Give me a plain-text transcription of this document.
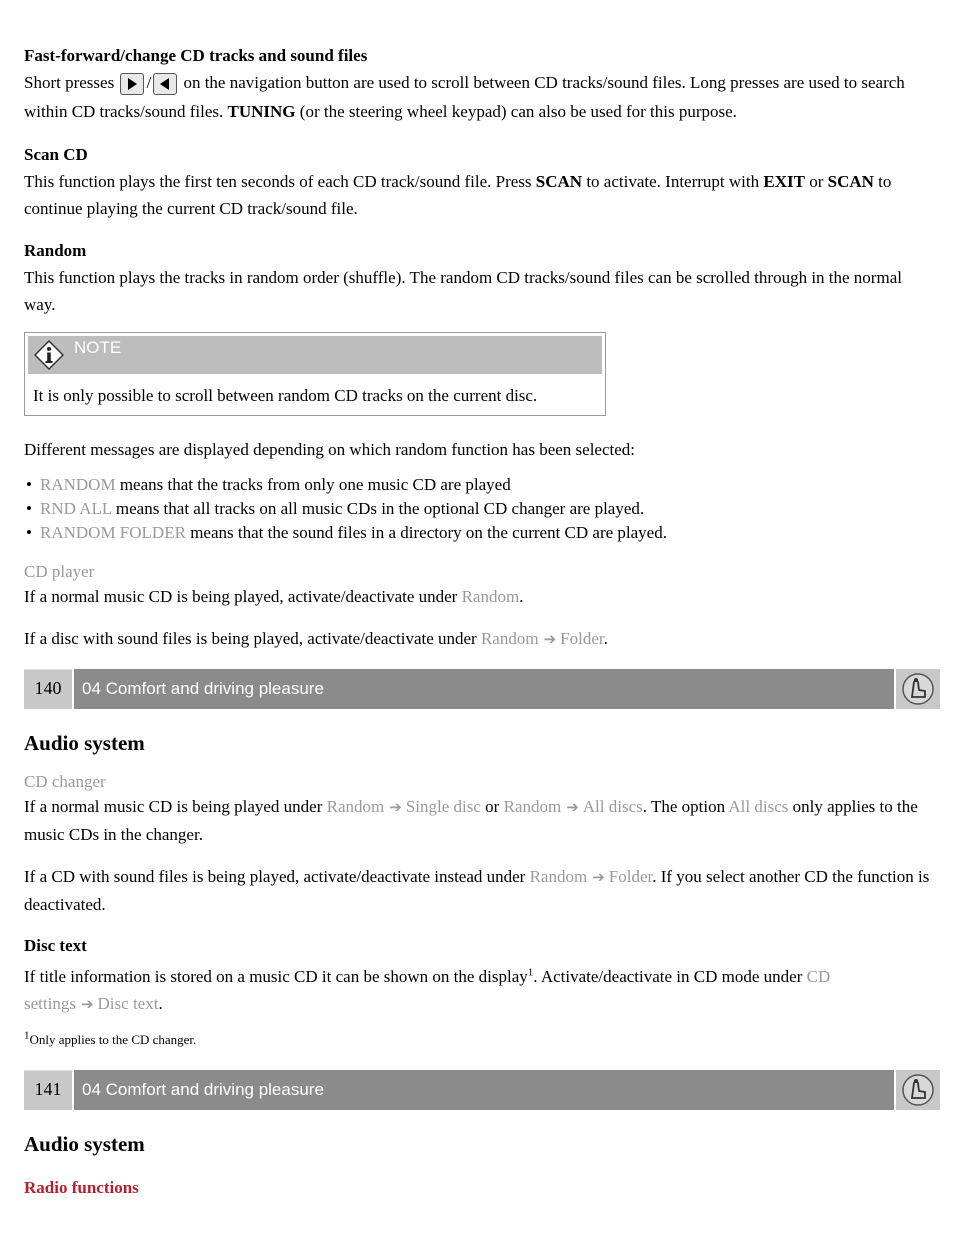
Fast-forward/change CD tracks and sound files

Short presses / on the navigation button are used to scroll between CD tracks/sound files. Long presses are used to search within CD tracks/sound files. TUNING (or the steering wheel keypad) can also be used for this purpose.

Scan CD

This function plays the first ten seconds of each CD track/sound file. Press SCAN to activate. Interrupt with EXIT or SCAN to continue playing the current CD track/sound file.

Random

This function plays the tracks in random order (shuffle). The random CD tracks/sound files can be scrolled through in the normal way.

NOTE
It is only possible to scroll between random CD tracks on the current disc.

Different messages are displayed depending on which random function has been selected:

• RANDOM means that the tracks from only one music CD are played
• RND ALL means that all tracks on all music CDs in the optional CD changer are played.
• RANDOM FOLDER means that the sound files in a directory on the current CD are played.

CD player

If a normal music CD is being played, activate/deactivate under Random.

If a disc with sound files is being played, activate/deactivate under Random ➔ Folder.

140	04 Comfort and driving pleasure
Audio system

CD changer

If a normal music CD is being played under Random ➔ Single disc or Random ➔ All discs. The option All discs only applies to the music CDs in the changer.

If a CD with sound files is being played, activate/deactivate instead under Random ➔ Folder. If you select another CD the function is deactivated.

Disc text

If title information is stored on a music CD it can be shown on the display$^1$. Activate/deactivate in CD mode under CD settings ➔ Disc text.

$^1$Only applies to the CD changer.

141	04 Comfort and driving pleasure
Audio system

Radio functions
